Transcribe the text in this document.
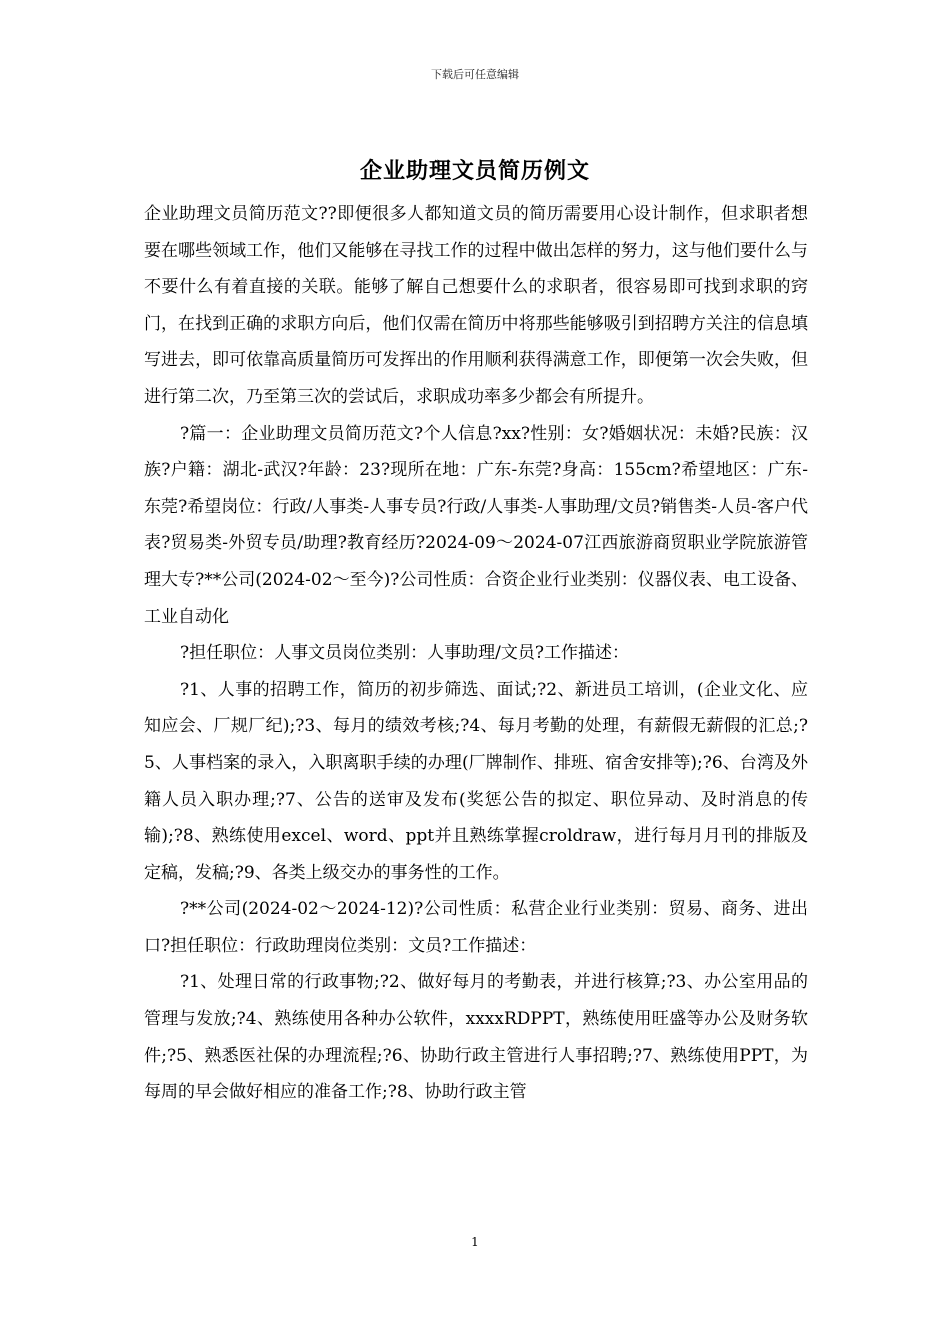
下载后可任意编辑
企业助理文员简历例文

企业助理文员简历范文??即便很多人都知道文员的简历需要用心设计制作，但求职者想要在哪些领域工作，他们又能够在寻找工作的过程中做出怎样的努力，这与他们要什么与不要什么有着直接的关联。能够了解自己想要什么的求职者，很容易即可找到求职的窍门，在找到正确的求职方向后，他们仅需在简历中将那些能够吸引到招聘方关注的信息填写进去，即可依靠高质量简历可发挥出的作用顺利获得满意工作，即便第一次会失败，但进行第二次，乃至第三次的尝试后，求职成功率多少都会有所提升。

?篇一：企业助理文员简历范文?个人信息?xx?性别：女?婚姻状况：未婚?民族：汉族?户籍：湖北-武汉?年龄：23?现所在地：广东-东莞?身高：155cm?希望地区：广东-东莞?希望岗位：行政/人事类-人事专员?行政/人事类-人事助理/文员?销售类-人员-客户代表?贸易类-外贸专员/助理?教育经历?2024-09～2024-07江西旅游商贸职业学院旅游管理大专?**公司(2024-02～至今)?公司性质：合资企业行业类别：仪器仪表、电工设备、工业自动化

?担任职位：人事文员岗位类别：人事助理/文员?工作描述：

?1、人事的招聘工作，简历的初步筛选、面试;?2、新进员工培训，(企业文化、应知应会、厂规厂纪);?3、每月的绩效考核;?4、每月考勤的处理，有薪假无薪假的汇总;?5、人事档案的录入，入职离职手续的办理(厂牌制作、排班、宿舍安排等);?6、台湾及外籍人员入职办理;?7、公告的送审及发布(奖惩公告的拟定、职位异动、及时消息的传输);?8、熟练使用excel、word、ppt并且熟练掌握croldraw，进行每月月刊的排版及定稿，发稿;?9、各类上级交办的事务性的工作。

?**公司(2024-02～2024-12)?公司性质：私营企业行业类别：贸易、商务、进出口?担任职位：行政助理岗位类别：文员?工作描述：

?1、处理日常的行政事物;?2、做好每月的考勤表，并进行核算;?3、办公室用品的管理与发放;?4、熟练使用各种办公软件，xxxxRDPPT，熟练使用旺盛等办公及财务软件;?5、熟悉医社保的办理流程;?6、协助行政主管进行人事招聘;?7、熟练使用PPT，为每周的早会做好相应的准备工作;?8、协助行政主管

1
